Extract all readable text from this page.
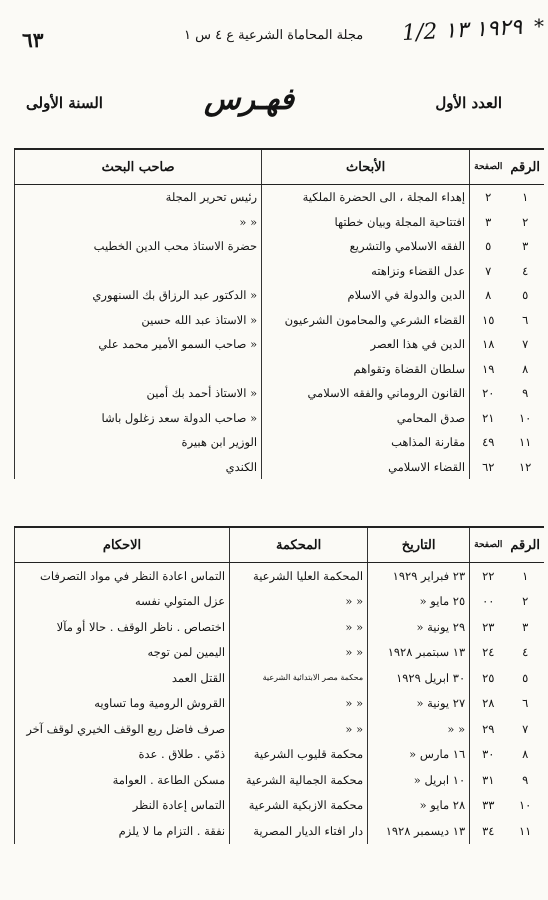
٦٣	مجلة المحاماة الشرعية ع ٤ س ١ 1/2 ١٩٢٩ ١٣ *
العدد الأول
فهـرس
السنة الأولى
الرقم	الصفحة	الأبحاث	صاحب البحث
١	٢	إهداء المجلة ، الى الحضرة الملكية	رئيس تحرير المجلة
٢	٣	افتتاحية المجلة وبيان خطتها	« «
٣	٥	الفقه الاسلامي والتشريع	حضرة الاستاذ محب الدين الخطيب
٤	٧	عدل القضاء ونزاهته	
٥	٨	الدين والدولة في الاسلام	« الدكتور عبد الرزاق بك السنهوري
٦	١٥	القضاء الشرعي والمحامون الشرعيون	« الاستاذ عبد الله حسين
٧	١٨	الدين في هذا العصر	« صاحب السمو الأمير محمد علي
٨	١٩	سلطان القضاة وتقواهم	
٩	٢٠	القانون الروماني والفقه الاسلامي	« الاستاذ أحمد بك أمين
١٠	٢١	صدق المحامي	« صاحب الدولة سعد زغلول باشا
١١	٤٩	مقارنة المذاهب	الوزير ابن هبيرة
١٢	٦٢	القضاء الاسلامي	الكندي
الرقم	الصفحة	التاريخ	المحكمة	الاحكام
١	٢٢	٢٣ فبراير ١٩٢٩	المحكمة العليا الشرعية	التماس اعادة النظر في مواد التصرفات
٢	٠٠	٢٥ مايو «	« «	عزل المتولي نفسه
٣	٢٣	٢٩ يونية «	« «	اختصاص . ناظر الوقف . حالا أو مآلا
٤	٢٤	١٣ سبتمبر ١٩٢٨	« «	اليمين لمن توجه
٥	٢٥	٣٠ ابريل ١٩٢٩	محكمة مصر الابتدائية الشرعية	القتل العمد
٦	٢٨	٢٧ يونية «	« «	القروش الرومية وما تساويه
٧	٢٩	« «	« «	صرف فاضل ريع الوقف الخيري لوقف آخر
٨	٣٠	١٦ مارس «	محكمة قليوب الشرعية	ذمّي . طلاق . عدة
٩	٣١	١٠ ابريل «	محكمة الجمالية الشرعية	مسكن الطاعة . العوامة
١٠	٣٣	٢٨ مايو «	محكمة الازبكية الشرعية	التماس إعادة النظر
١١	٣٤	١٣ ديسمبر ١٩٢٨	دار افتاء الديار المصرية	نفقة . التزام ما لا يلزم
